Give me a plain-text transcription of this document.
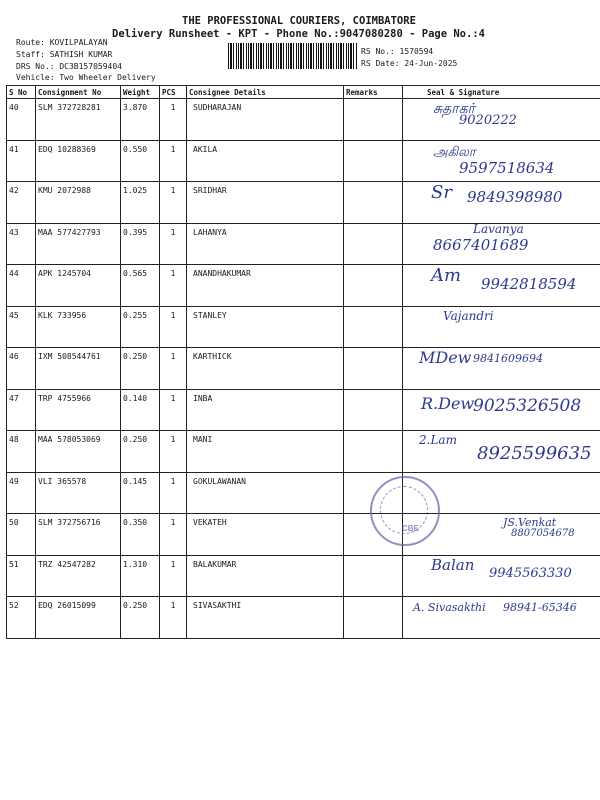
THE PROFESSIONAL COURIERS, COIMBATORE
Delivery Runsheet - KPT - Phone No.:9047080280 - Page No.:4
Route: KOVILPALAYAN
Staff: SATHISH KUMAR
DRS No.: DC3B157059404
Vehicle: Two Wheeler Delivery
RS No.: 1570594
RS Date: 24-Jun-2025
S No	Consignment No	Weight	PCS	Consignee Details	Remarks	Seal & Signature
40	SLM 372728281	3.870	1	SUDHARAJAN		சுதாகர்
9020222

41	EDQ 10288369	0.550	1	AKILA		அகிலா
9597518634

42	KMU 2072988	1.025	1	SRIDHAR		Sr 9849398980

43	MAA 577427793	0.395	1	LAHANYA		Lavanya
8667401689

44	APK 1245704	0.565	1	ANANDHAKUMAR		Am 9942818594

45	KLK 733956	0.255	1	STANLEY		Vajandri

46	IXM 508544761	0.250	1	KARTHICK		MDew 9841609694

47	TRP 4755966	0.140	1	INBA		R.Dew
9025326508

48	MAA 578053069	0.250	1	MANI		2.Lam
8925599635

49	VLI 365578	0.145	1	GOKULAWANAN		

50	SLM 372756716	0.350	1	VEKATEH		JS.Venkat
8807054678

51	TRZ 42547282	1.310	1	BALAKUMAR		Balan 9945563330

52	EDQ 26015099	0.250	1	SIVASAKTHI		A. Sivasakthi 98941-65346
CBE
